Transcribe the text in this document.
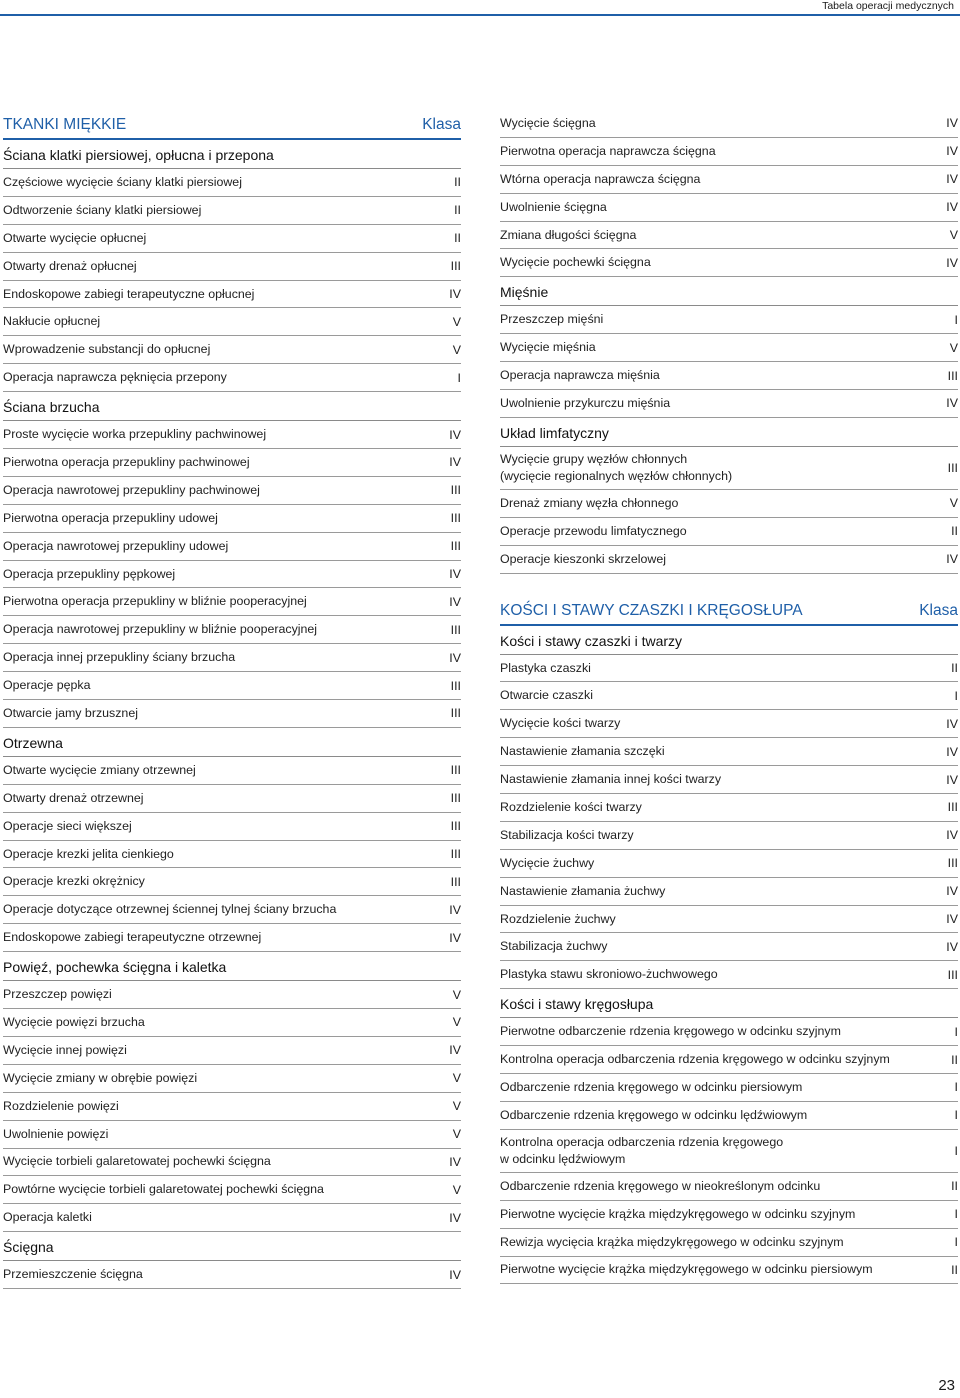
Tabela operacji medycznych
TKANKI MIĘKKIE	Klasa
Ściana klatki piersiowej, opłucna i przepona
Częściowe wycięcie ściany klatki piersiowej	II
Odtworzenie ściany klatki piersiowej	II
Otwarte wycięcie opłucnej	II
Otwarty drenaż opłucnej	III
Endoskopowe zabiegi terapeutyczne opłucnej	IV
Nakłucie opłucnej	V
Wprowadzenie substancji do opłucnej	V
Operacja naprawcza pęknięcia przepony	I
Ściana brzucha
Proste wycięcie worka przepukliny pachwinowej	IV
Pierwotna operacja przepukliny pachwinowej	IV
Operacja nawrotowej przepukliny pachwinowej	III
Pierwotna operacja przepukliny udowej	III
Operacja nawrotowej przepukliny udowej	III
Operacja przepukliny pępkowej	IV
Pierwotna operacja przepukliny w bliźnie pooperacyjnej	IV
Operacja nawrotowej przepukliny w bliźnie pooperacyjnej	III
Operacja innej przepukliny ściany brzucha	IV
Operacje pępka	III
Otwarcie jamy brzusznej	III
Otrzewna
Otwarte wycięcie zmiany otrzewnej	III
Otwarty drenaż otrzewnej	III
Operacje sieci większej	III
Operacje krezki jelita cienkiego	III
Operacje krezki okrężnicy	III
Operacje dotyczące otrzewnej ściennej tylnej ściany brzucha	IV
Endoskopowe zabiegi terapeutyczne otrzewnej	IV
Powięź, pochewka ścięgna i kaletka
Przeszczep powięzi	V
Wycięcie powięzi brzucha	V
Wycięcie innej powięzi	IV
Wycięcie zmiany w obrębie powięzi	V
Rozdzielenie powięzi	V
Uwolnienie powięzi	V
Wycięcie torbieli galaretowatej pochewki ścięgna	IV
Powtórne wycięcie torbieli galaretowatej pochewki ścięgna	V
Operacja kaletki	IV
Ścięgna
Przemieszczenie ścięgna	IV
Wycięcie ścięgna	IV
Pierwotna operacja naprawcza ścięgna	IV
Wtórna operacja naprawcza ścięgna	IV
Uwolnienie ścięgna	IV
Zmiana długości ścięgna	V
Wycięcie pochewki ścięgna	IV
Mięśnie
Przeszczep mięśni	I
Wycięcie mięśnia	V
Operacja naprawcza mięśnia	III
Uwolnienie przykurczu mięśnia	IV
Układ limfatyczny
Wycięcie grupy węzłów chłonnych
(wycięcie regionalnych węzłów chłonnych)
III
Drenaż zmiany węzła chłonnego	V
Operacje przewodu limfatycznego	II
Operacje kieszonki skrzelowej	IV
KOŚCI I STAWY CZASZKI I KRĘGOSŁUPA	Klasa
Kości i stawy czaszki i twarzy
Plastyka czaszki	II
Otwarcie czaszki	I
Wycięcie kości twarzy	IV
Nastawienie złamania szczęki	IV
Nastawienie złamania innej kości twarzy	IV
Rozdzielenie kości twarzy	III
Stabilizacja kości twarzy	IV
Wycięcie żuchwy	III
Nastawienie złamania żuchwy	IV
Rozdzielenie żuchwy	IV
Stabilizacja żuchwy	IV
Plastyka stawu skroniowo-żuchwowego	III
Kości i stawy kręgosłupa
Pierwotne odbarczenie rdzenia kręgowego w odcinku szyjnym	I
Kontrolna operacja odbarczenia rdzenia kręgowego w odcinku szyjnym	II
Odbarczenie rdzenia kręgowego w odcinku piersiowym	I
Odbarczenie rdzenia kręgowego w odcinku lędźwiowym	I
Kontrolna operacja odbarczenia rdzenia kręgowego
w odcinku lędźwiowym
I
Odbarczenie rdzenia kręgowego w nieokreślonym odcinku	II
Pierwotne wycięcie krążka międzykręgowego w odcinku szyjnym	I
Rewizja wycięcia krążka międzykręgowego w odcinku szyjnym	I
Pierwotne wycięcie krążka międzykręgowego w odcinku piersiowym	II
23
